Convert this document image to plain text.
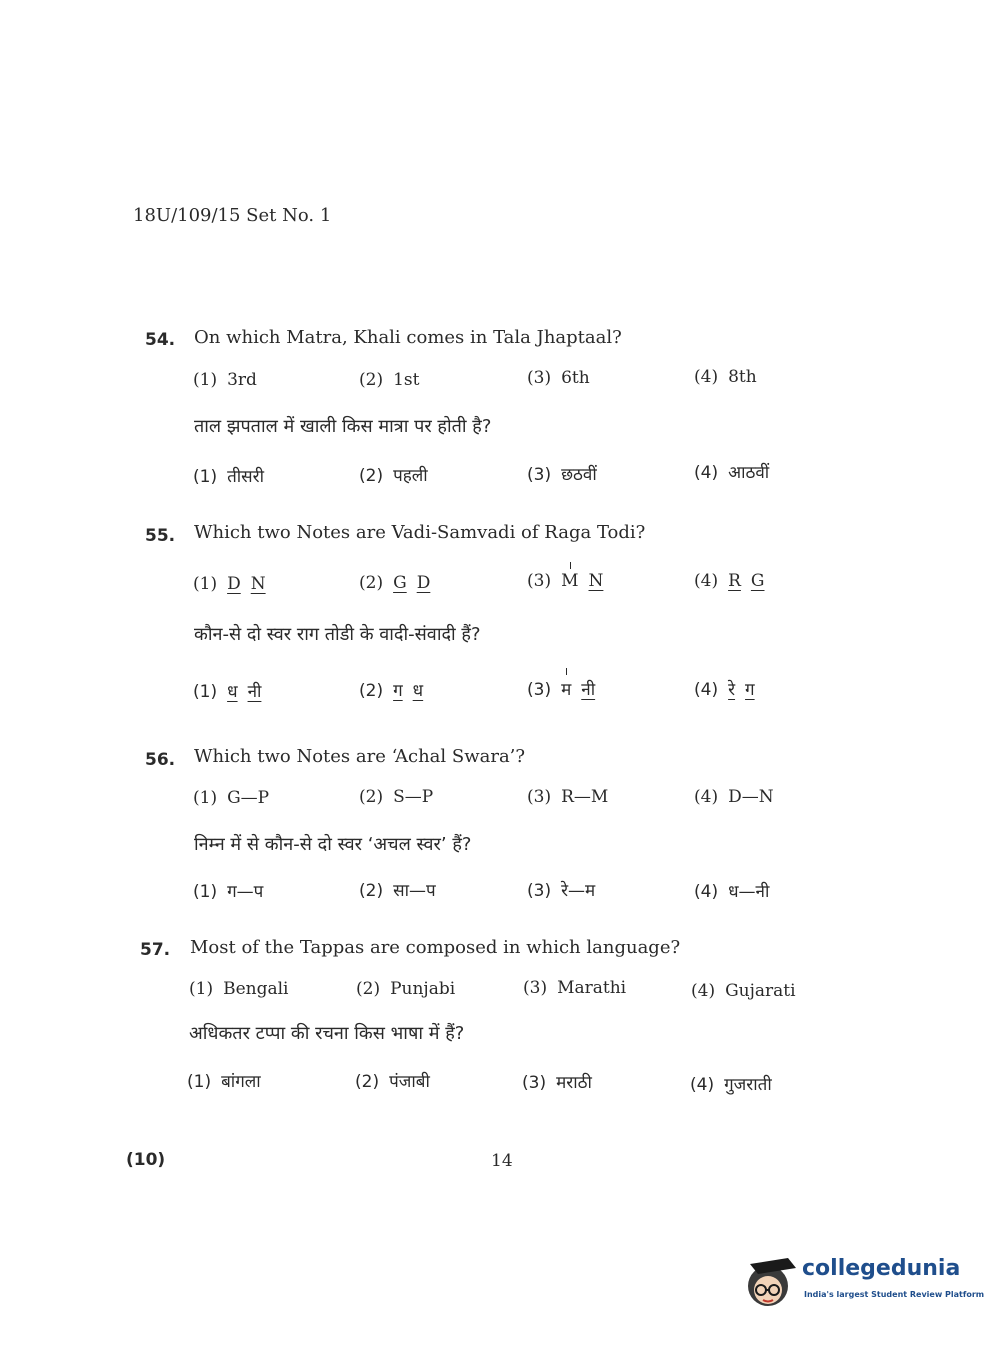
18U/109/15 Set No. 1
54. On which Matra, Khali comes in Tala Jhaptaal?
(1) 3rd	(2) 1st	(3) 6th	(4) 8th
ताल झपताल में खाली किस मात्रा पर होती है?
(1) तीसरी	(2) पहली	(3) छठवीं	(4) आठवीं
55. Which two Notes are Vadi-Samvadi of Raga Todi?
(1) D N	(2) G D	(3) M N	(4) R G
कौन-से दो स्वर राग तोडी के वादी-संवादी हैं?
(1) ध नी	(2) ग ध	(3) म नी	(4) रे ग
56. Which two Notes are ‘Achal Swara’?
(1) G—P	(2) S—P	(3) R—M	(4) D—N
निम्न में से कौन-से दो स्वर ‘अचल स्वर’ हैं?
(1) ग—प	(2) सा—प	(3) रे—म	(4) ध—नी
57. Most of the Tappas are composed in which language?
(1) Bengali	(2) Punjabi	(3) Marathi	(4) Gujarati
अधिकतर टप्पा की रचना किस भाषा में हैं?
(1) बांगला	(2) पंजाबी	(3) मराठी	(4) गुजराती
(10)	14
collegedunia
India's largest Student Review Platform
